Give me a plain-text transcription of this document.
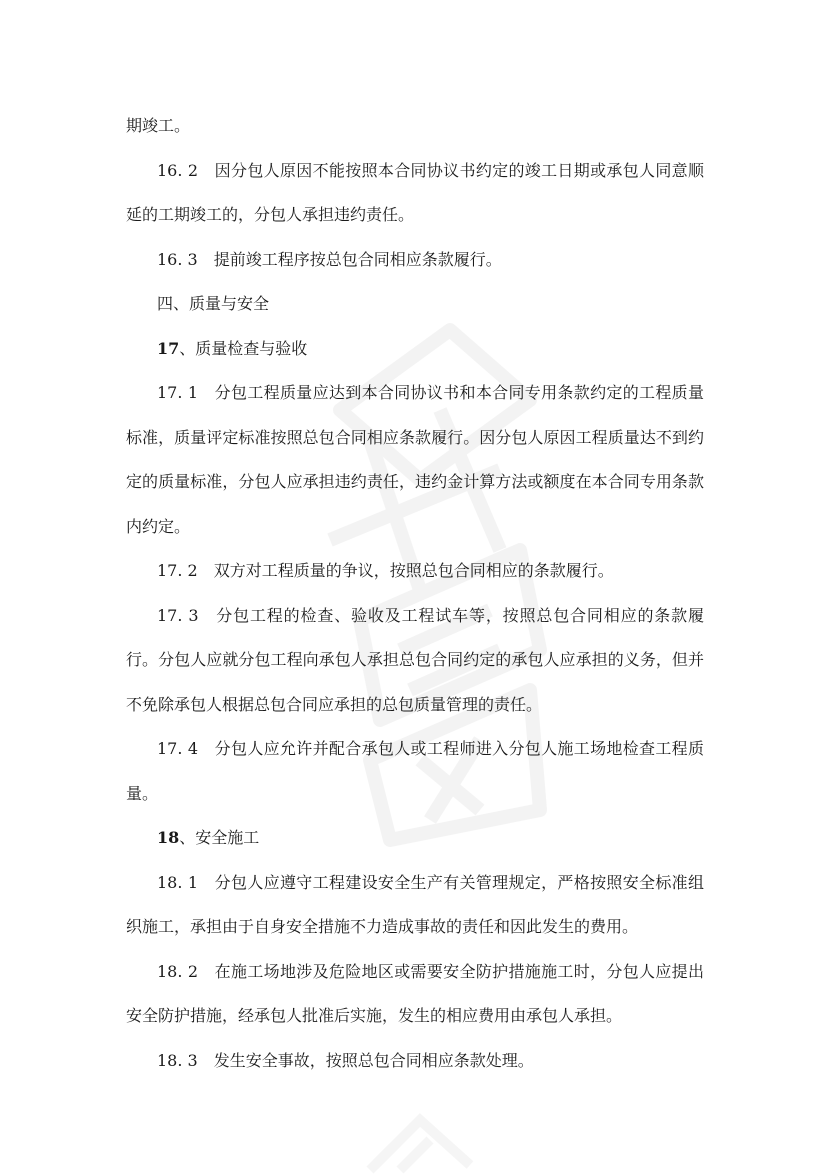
期竣工。

16. 2　因分包人原因不能按照本合同协议书约定的竣工日期或承包人同意顺延的工期竣工的，分包人承担违约责任。

16. 3　提前竣工程序按总包合同相应条款履行。

四、质量与安全

17、质量检查与验收

17. 1　分包工程质量应达到本合同协议书和本合同专用条款约定的工程质量标准，质量评定标准按照总包合同相应条款履行。因分包人原因工程质量达不到约定的质量标准，分包人应承担违约责任，违约金计算方法或额度在本合同专用条款内约定。

17. 2　双方对工程质量的争议，按照总包合同相应的条款履行。

17. 3　分包工程的检查、验收及工程试车等，按照总包合同相应的条款履行。分包人应就分包工程向承包人承担总包合同约定的承包人应承担的义务，但并不免除承包人根据总包合同应承担的总包质量管理的责任。

17. 4　分包人应允许并配合承包人或工程师进入分包人施工场地检查工程质量。

18、安全施工

18. 1　分包人应遵守工程建设安全生产有关管理规定，严格按照安全标准组织施工，承担由于自身安全措施不力造成事故的责任和因此发生的费用。

18. 2　在施工场地涉及危险地区或需要安全防护措施施工时，分包人应提出安全防护措施，经承包人批准后实施，发生的相应费用由承包人承担。

18. 3　发生安全事故，按照总包合同相应条款处理。
